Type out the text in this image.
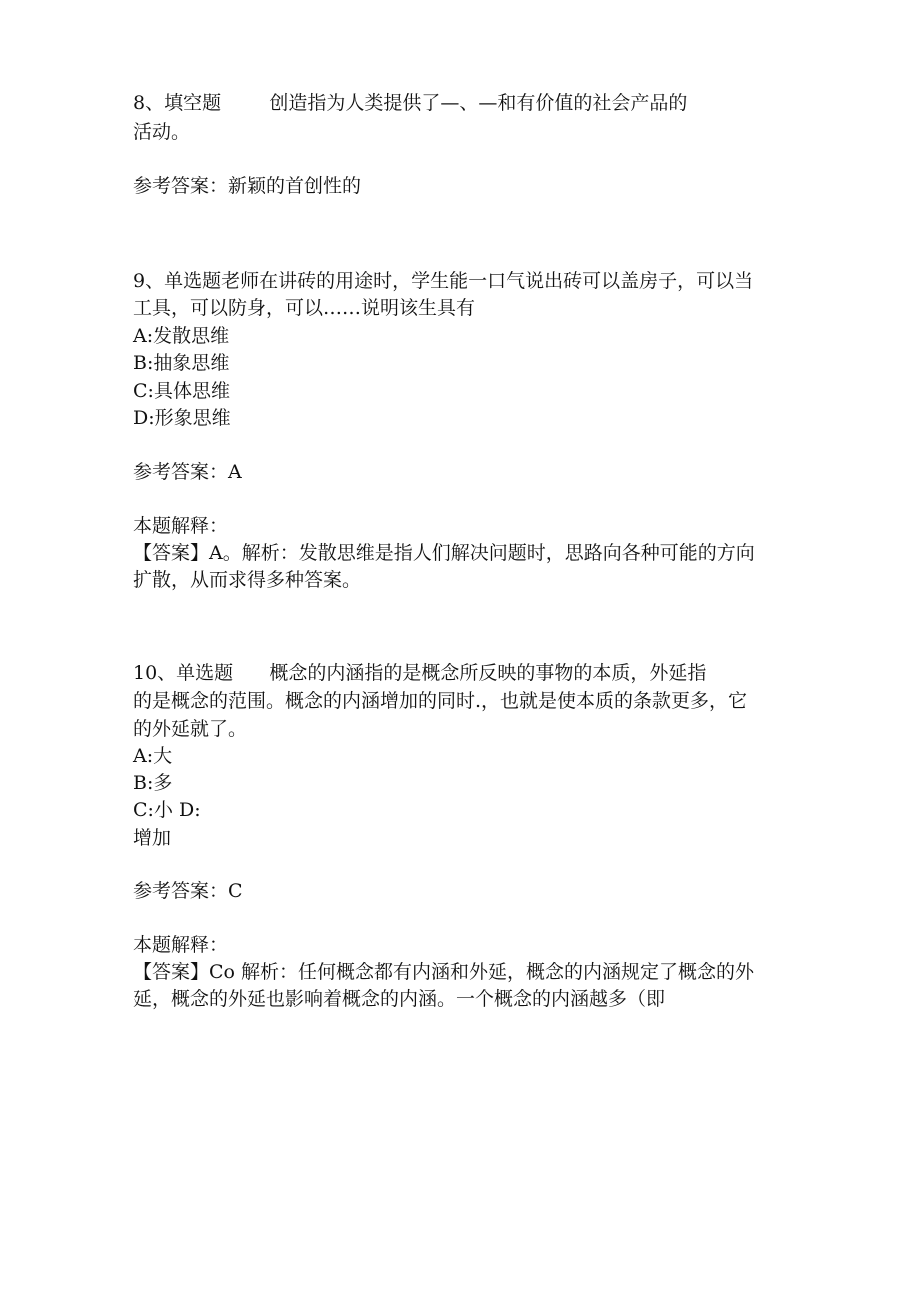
8、填空题        创造指为人类提供了—、—和有价值的社会产品的
活动。
参考答案：新颖的首创性的
9、单选题老师在讲砖的用途时，学生能一口气说出砖可以盖房子，可以当
工具，可以防身，可以……说明该生具有
A:发散思维
B:抽象思维
C:具体思维
D:形象思维
参考答案：A
本题解释：
【答案】A。解析：发散思维是指人们解决问题时，思路向各种可能的方向
扩散，从而求得多种答案。
10、单选题      概念的内涵指的是概念所反映的事物的本质，外延指
的是概念的范围。概念的内涵增加的同时.，也就是使本质的条款更多，它
的外延就了。
A:大
B:多
C:小 D:
增加
参考答案：C
本题解释：
【答案】Co 解析：任何概念都有内涵和外延，概念的内涵规定了概念的外
延，概念的外延也影响着概念的内涵。一个概念的内涵越多（即
